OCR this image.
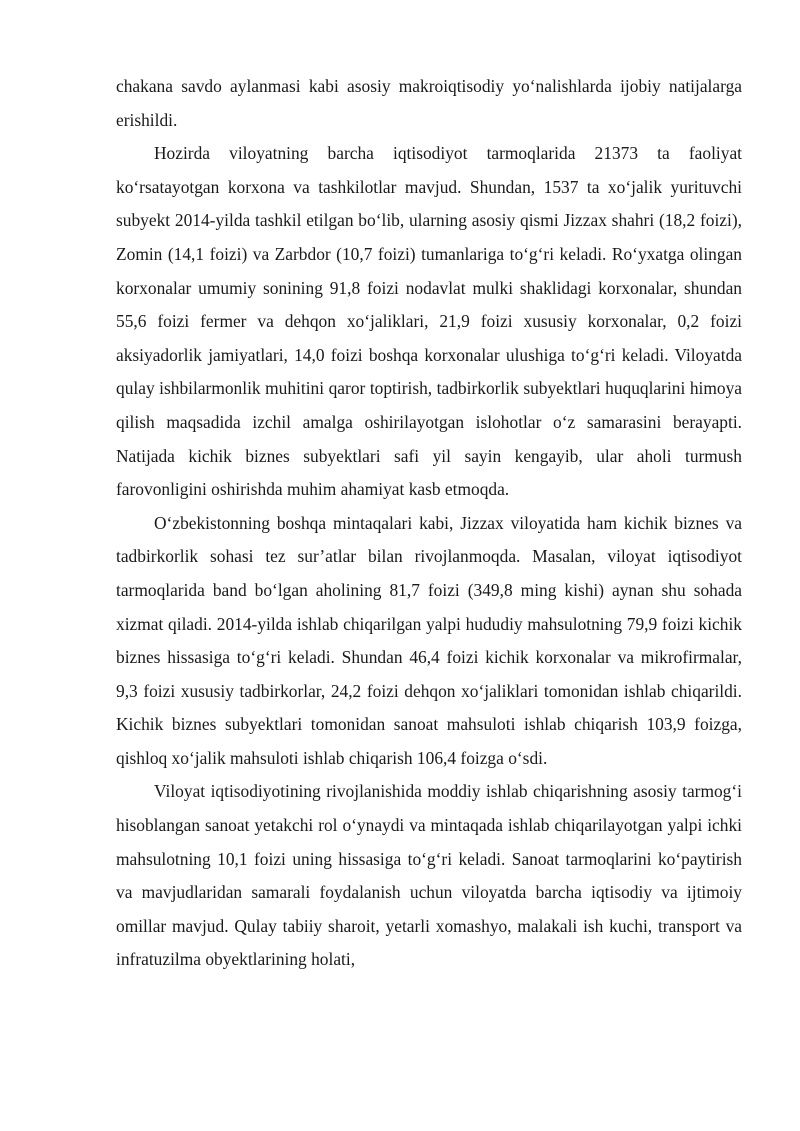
chakana savdo aylanmasi kabi asosiy makroiqtisodiy yo‘nalishlarda ijobiy natijalarga erishildi.

Hozirda viloyatning barcha iqtisodiyot tarmoqlarida 21373 ta faoliyat ko‘rsatayotgan korxona va tashkilotlar mavjud. Shundan, 1537 ta xo‘jalik yurituvchi subyekt 2014-yilda tashkil etilgan bo‘lib, ularning asosiy qismi Jizzax shahri (18,2 foizi), Zomin (14,1 foizi) va Zarbdor (10,7 foizi) tumanlariga to‘g‘ri keladi. Ro‘yxatga olingan korxonalar umumiy sonining 91,8 foizi nodavlat mulki shaklidagi korxonalar, shundan 55,6 foizi fermer va dehqon xo‘jaliklari, 21,9 foizi xususiy korxonalar, 0,2 foizi aksiyadorlik jamiyatlari, 14,0 foizi boshqa korxonalar ulushiga to‘g‘ri keladi. Viloyatda qulay ishbilarmonlik muhitini qaror toptirish, tadbirkorlik subyektlari huquqlarini himoya qilish maqsadida izchil amalga oshirilayotgan islohotlar o‘z samarasini berayapti. Natijada kichik biznes subyektlari safi yil sayin kengayib, ular aholi turmush farovonligini oshirishda muhim ahamiyat kasb etmoqda.

O‘zbekistonning boshqa mintaqalari kabi, Jizzax viloyatida ham kichik biznes va tadbirkorlik sohasi tez sur’atlar bilan rivojlanmoqda. Masalan, viloyat iqtisodiyot tarmoqlarida band bo‘lgan aholining 81,7 foizi (349,8 ming kishi) aynan shu sohada xizmat qiladi. 2014-yilda ishlab chiqarilgan yalpi hududiy mahsulotning 79,9 foizi kichik biznes hissasiga to‘g‘ri keladi. Shundan 46,4 foizi kichik korxonalar va mikrofirmalar, 9,3 foizi xususiy tadbirkorlar, 24,2 foizi dehqon xo‘jaliklari tomonidan ishlab chiqarildi. Kichik biznes subyektlari tomonidan sanoat mahsuloti ishlab chiqarish 103,9 foizga, qishloq xo‘jalik mahsuloti ishlab chiqarish 106,4 foizga o‘sdi.

Viloyat iqtisodiyotining rivojlanishida moddiy ishlab chiqarishning asosiy tarmog‘i hisoblangan sanoat yetakchi rol o‘ynaydi va mintaqada ishlab chiqarilayotgan yalpi ichki mahsulotning 10,1 foizi uning hissasiga to‘g‘ri keladi. Sanoat tarmoqlarini ko‘paytirish va mavjudlaridan samarali foydalanish uchun viloyatda barcha iqtisodiy va ijtimoiy omillar mavjud. Qulay tabiiy sharoit, yetarli xomashyo, malakali ish kuchi, transport va infratuzilma obyektlarining holati,
